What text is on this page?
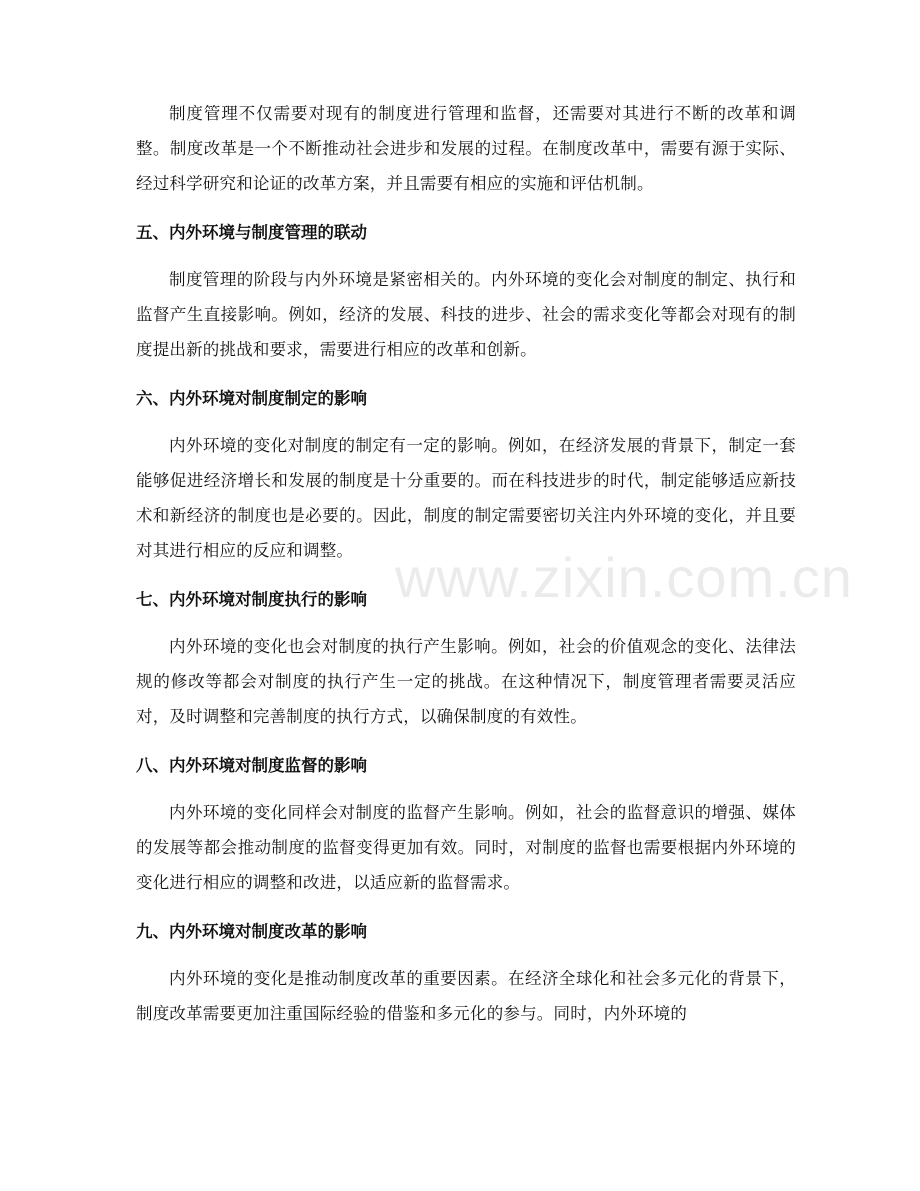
制度管理不仅需要对现有的制度进行管理和监督，还需要对其进行不断的改革和调整。制度改革是一个不断推动社会进步和发展的过程。在制度改革中，需要有源于实际、经过科学研究和论证的改革方案，并且需要有相应的实施和评估机制。

五、内外环境与制度管理的联动

制度管理的阶段与内外环境是紧密相关的。内外环境的变化会对制度的制定、执行和监督产生直接影响。例如，经济的发展、科技的进步、社会的需求变化等都会对现有的制度提出新的挑战和要求，需要进行相应的改革和创新。

六、内外环境对制度制定的影响

内外环境的变化对制度的制定有一定的影响。例如，在经济发展的背景下，制定一套能够促进经济增长和发展的制度是十分重要的。而在科技进步的时代，制定能够适应新技术和新经济的制度也是必要的。因此，制度的制定需要密切关注内外环境的变化，并且要对其进行相应的反应和调整。

七、内外环境对制度执行的影响

内外环境的变化也会对制度的执行产生影响。例如，社会的价值观念的变化、法律法规的修改等都会对制度的执行产生一定的挑战。在这种情况下，制度管理者需要灵活应对，及时调整和完善制度的执行方式，以确保制度的有效性。

八、内外环境对制度监督的影响

内外环境的变化同样会对制度的监督产生影响。例如，社会的监督意识的增强、媒体的发展等都会推动制度的监督变得更加有效。同时，对制度的监督也需要根据内外环境的变化进行相应的调整和改进，以适应新的监督需求。

九、内外环境对制度改革的影响

内外环境的变化是推动制度改革的重要因素。在经济全球化和社会多元化的背景下，制度改革需要更加注重国际经验的借鉴和多元化的参与。同时，内外环境的

www.zixin.com.cn
